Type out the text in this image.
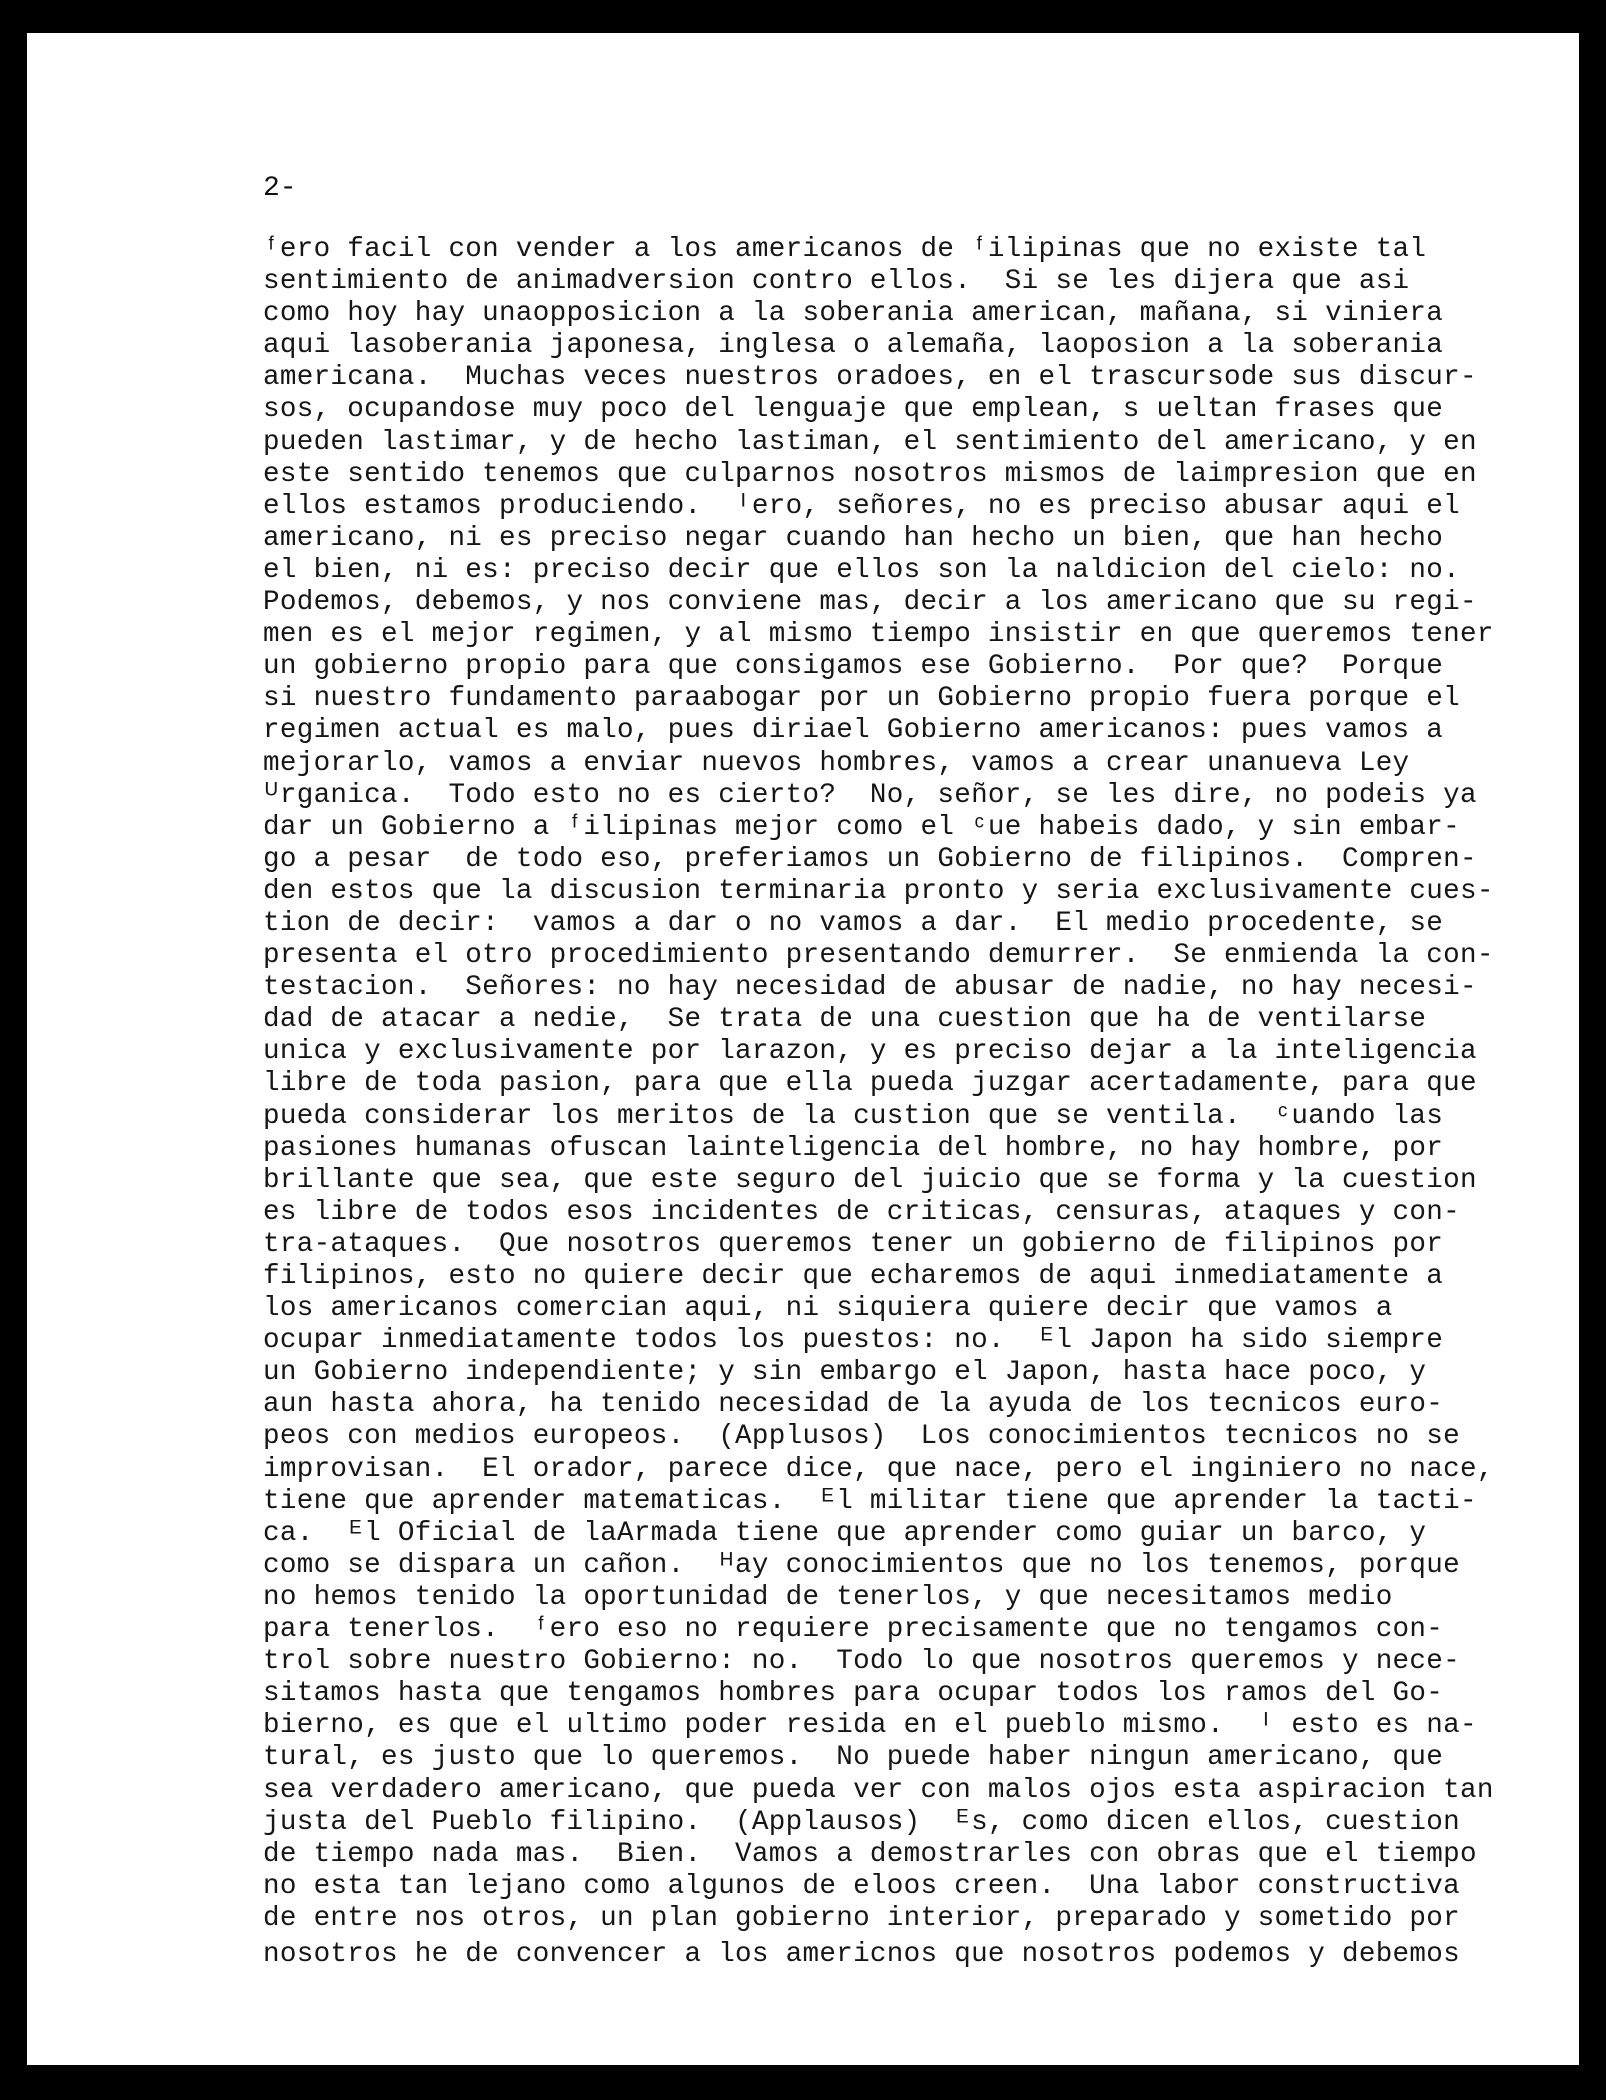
2-
ᶠero facil con vender a los americanos de ᶠilipinas que no existe tal
sentimiento de animadversion contro ellos.  Si se les dijera que asi
como hoy hay unaopposicion a la soberania american, mañana, si viniera
aqui lasoberania japonesa, inglesa o alemaña, laoposion a la soberania
americana.  Muchas veces nuestros oradoes, en el trascursode sus discur-
sos, ocupandose muy poco del lenguaje que emplean, s ueltan frases que
pueden lastimar, y de hecho lastiman, el sentimiento del americano, y en
este sentido tenemos que culparnos nosotros mismos de laimpresion que en
ellos estamos produciendo.  ᴵero, señores, no es preciso abusar aqui el
americano, ni es preciso negar cuando han hecho un bien, que han hecho
el bien, ni es: preciso decir que ellos son la naldicion del cielo: no.
Podemos, debemos, y nos conviene mas, decir a los americano que su regi-
men es el mejor regimen, y al mismo tiempo insistir en que queremos tener
un gobierno propio para que consigamos ese Gobierno.  Por que?  Porque
si nuestro fundamento paraabogar por un Gobierno propio fuera porque el
regimen actual es malo, pues diriael Gobierno americanos: pues vamos a
mejorarlo, vamos a enviar nuevos hombres, vamos a crear unanueva Ley
ᵁrganica.  Todo esto no es cierto?  No, señor, se les dire, no podeis ya
dar un Gobierno a ᶠilipinas mejor como el ᶜue habeis dado, y sin embar-
go a pesar  de todo eso, preferiamos un Gobierno de filipinos.  Compren-
den estos que la discusion terminaria pronto y seria exclusivamente cues-
tion de decir:  vamos a dar o no vamos a dar.  El medio procedente, se
presenta el otro procedimiento presentando demurrer.  Se enmienda la con-
testacion.  Señores: no hay necesidad de abusar de nadie, no hay necesi-
dad de atacar a nedie,  Se trata de una cuestion que ha de ventilarse
unica y exclusivamente por larazon, y es preciso dejar a la inteligencia
libre de toda pasion, para que ella pueda juzgar acertadamente, para que
pueda considerar los meritos de la custion que se ventila.  ᶜuando las
pasiones humanas ofuscan lainteligencia del hombre, no hay hombre, por
brillante que sea, que este seguro del juicio que se forma y la cuestion
es libre de todos esos incidentes de criticas, censuras, ataques y con-
tra-ataques.  Que nosotros queremos tener un gobierno de filipinos por
filipinos, esto no quiere decir que echaremos de aqui inmediatamente a
los americanos comercian aqui, ni siquiera quiere decir que vamos a
ocupar inmediatamente todos los puestos: no.  ᴱl Japon ha sido siempre
un Gobierno independiente; y sin embargo el Japon, hasta hace poco, y
aun hasta ahora, ha tenido necesidad de la ayuda de los tecnicos euro-
peos con medios europeos.  (Applusos)  Los conocimientos tecnicos no se
improvisan.  El orador, parece dice, que nace, pero el inginiero no nace,
tiene que aprender matematicas.  ᴱl militar tiene que aprender la tacti-
ca.  ᴱl Oficial de laArmada tiene que aprender como guiar un barco, y
como se dispara un cañon.  ᴴay conocimientos que no los tenemos, porque
no hemos tenido la oportunidad de tenerlos, y que necesitamos medio
para tenerlos.  ᶠero eso no requiere precisamente que no tengamos con-
trol sobre nuestro Gobierno: no.  Todo lo que nosotros queremos y nece-
sitamos hasta que tengamos hombres para ocupar todos los ramos del Go-
bierno, es que el ultimo poder resida en el pueblo mismo.  ᴵ esto es na-
tural, es justo que lo queremos.  No puede haber ningun americano, que
sea verdadero americano, que pueda ver con malos ojos esta aspiracion tan
justa del Pueblo filipino.  (Applausos)  ᴱs, como dicen ellos, cuestion
de tiempo nada mas.  Bien.  Vamos a demostrarles con obras que el tiempo
no esta tan lejano como algunos de eloos creen.  Una labor constructiva
de entre nos otros, un plan gobierno interior, preparado y sometido por
nosotros he de convencer a los americnos que nosotros podemos y debemos
